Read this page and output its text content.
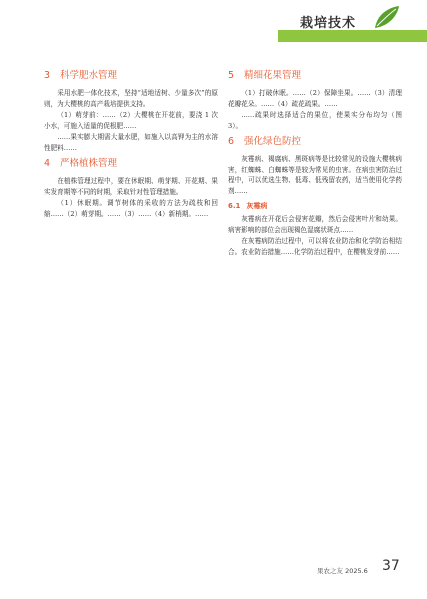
栽培技术
3 科学肥水管理

采用水肥一体化技术，坚持“适地适树、少量多次”的原则，为大樱桃的高产栽培提供支持。

（1）萌芽前：……（2）大樱桃在开花前，要浇 1 次小水，可施入适量的促根肥……

……果实膨大期需大量水肥，如施入以高钾为主的水溶性肥料……

4 严格植株管理

在植株管理过程中，要在休眠期、萌芽期、开花期、果实发育期等不同的时期，采取针对性管理措施。

（1）休眠期。调节树体的采收的方法为疏枝和回缩……（2）萌芽期。……（3）……（4）新梢期。……

5 精细花果管理

（1）打破休眠。……（2）保障坐果。……（3）清理花瓣花朵。……（4）疏花疏果。……

……疏果时选择适合的果位，使果实分布均匀（图 3）。

6 强化绿色防控

灰霉病、褐腐病、黑斑病等是比较常见的设施大樱桃病害，红蜘蛛、白蜘蛛等是较为常见的虫害。在病虫害防治过程中，可以优选生物、低毒、低残留农药，适当使用化学药剂……

6.1 灰霉病

灰霉病在开花后会侵害花瓣，然后会侵害叶片和幼果。病害影响的部位会出现褐色湿腐状斑点……

在灰霉病防治过程中，可以将农业防治和化学防治相结合。农业防治措施……化学防治过程中，在樱桃发芽前……

果农之友 2025.6 37
